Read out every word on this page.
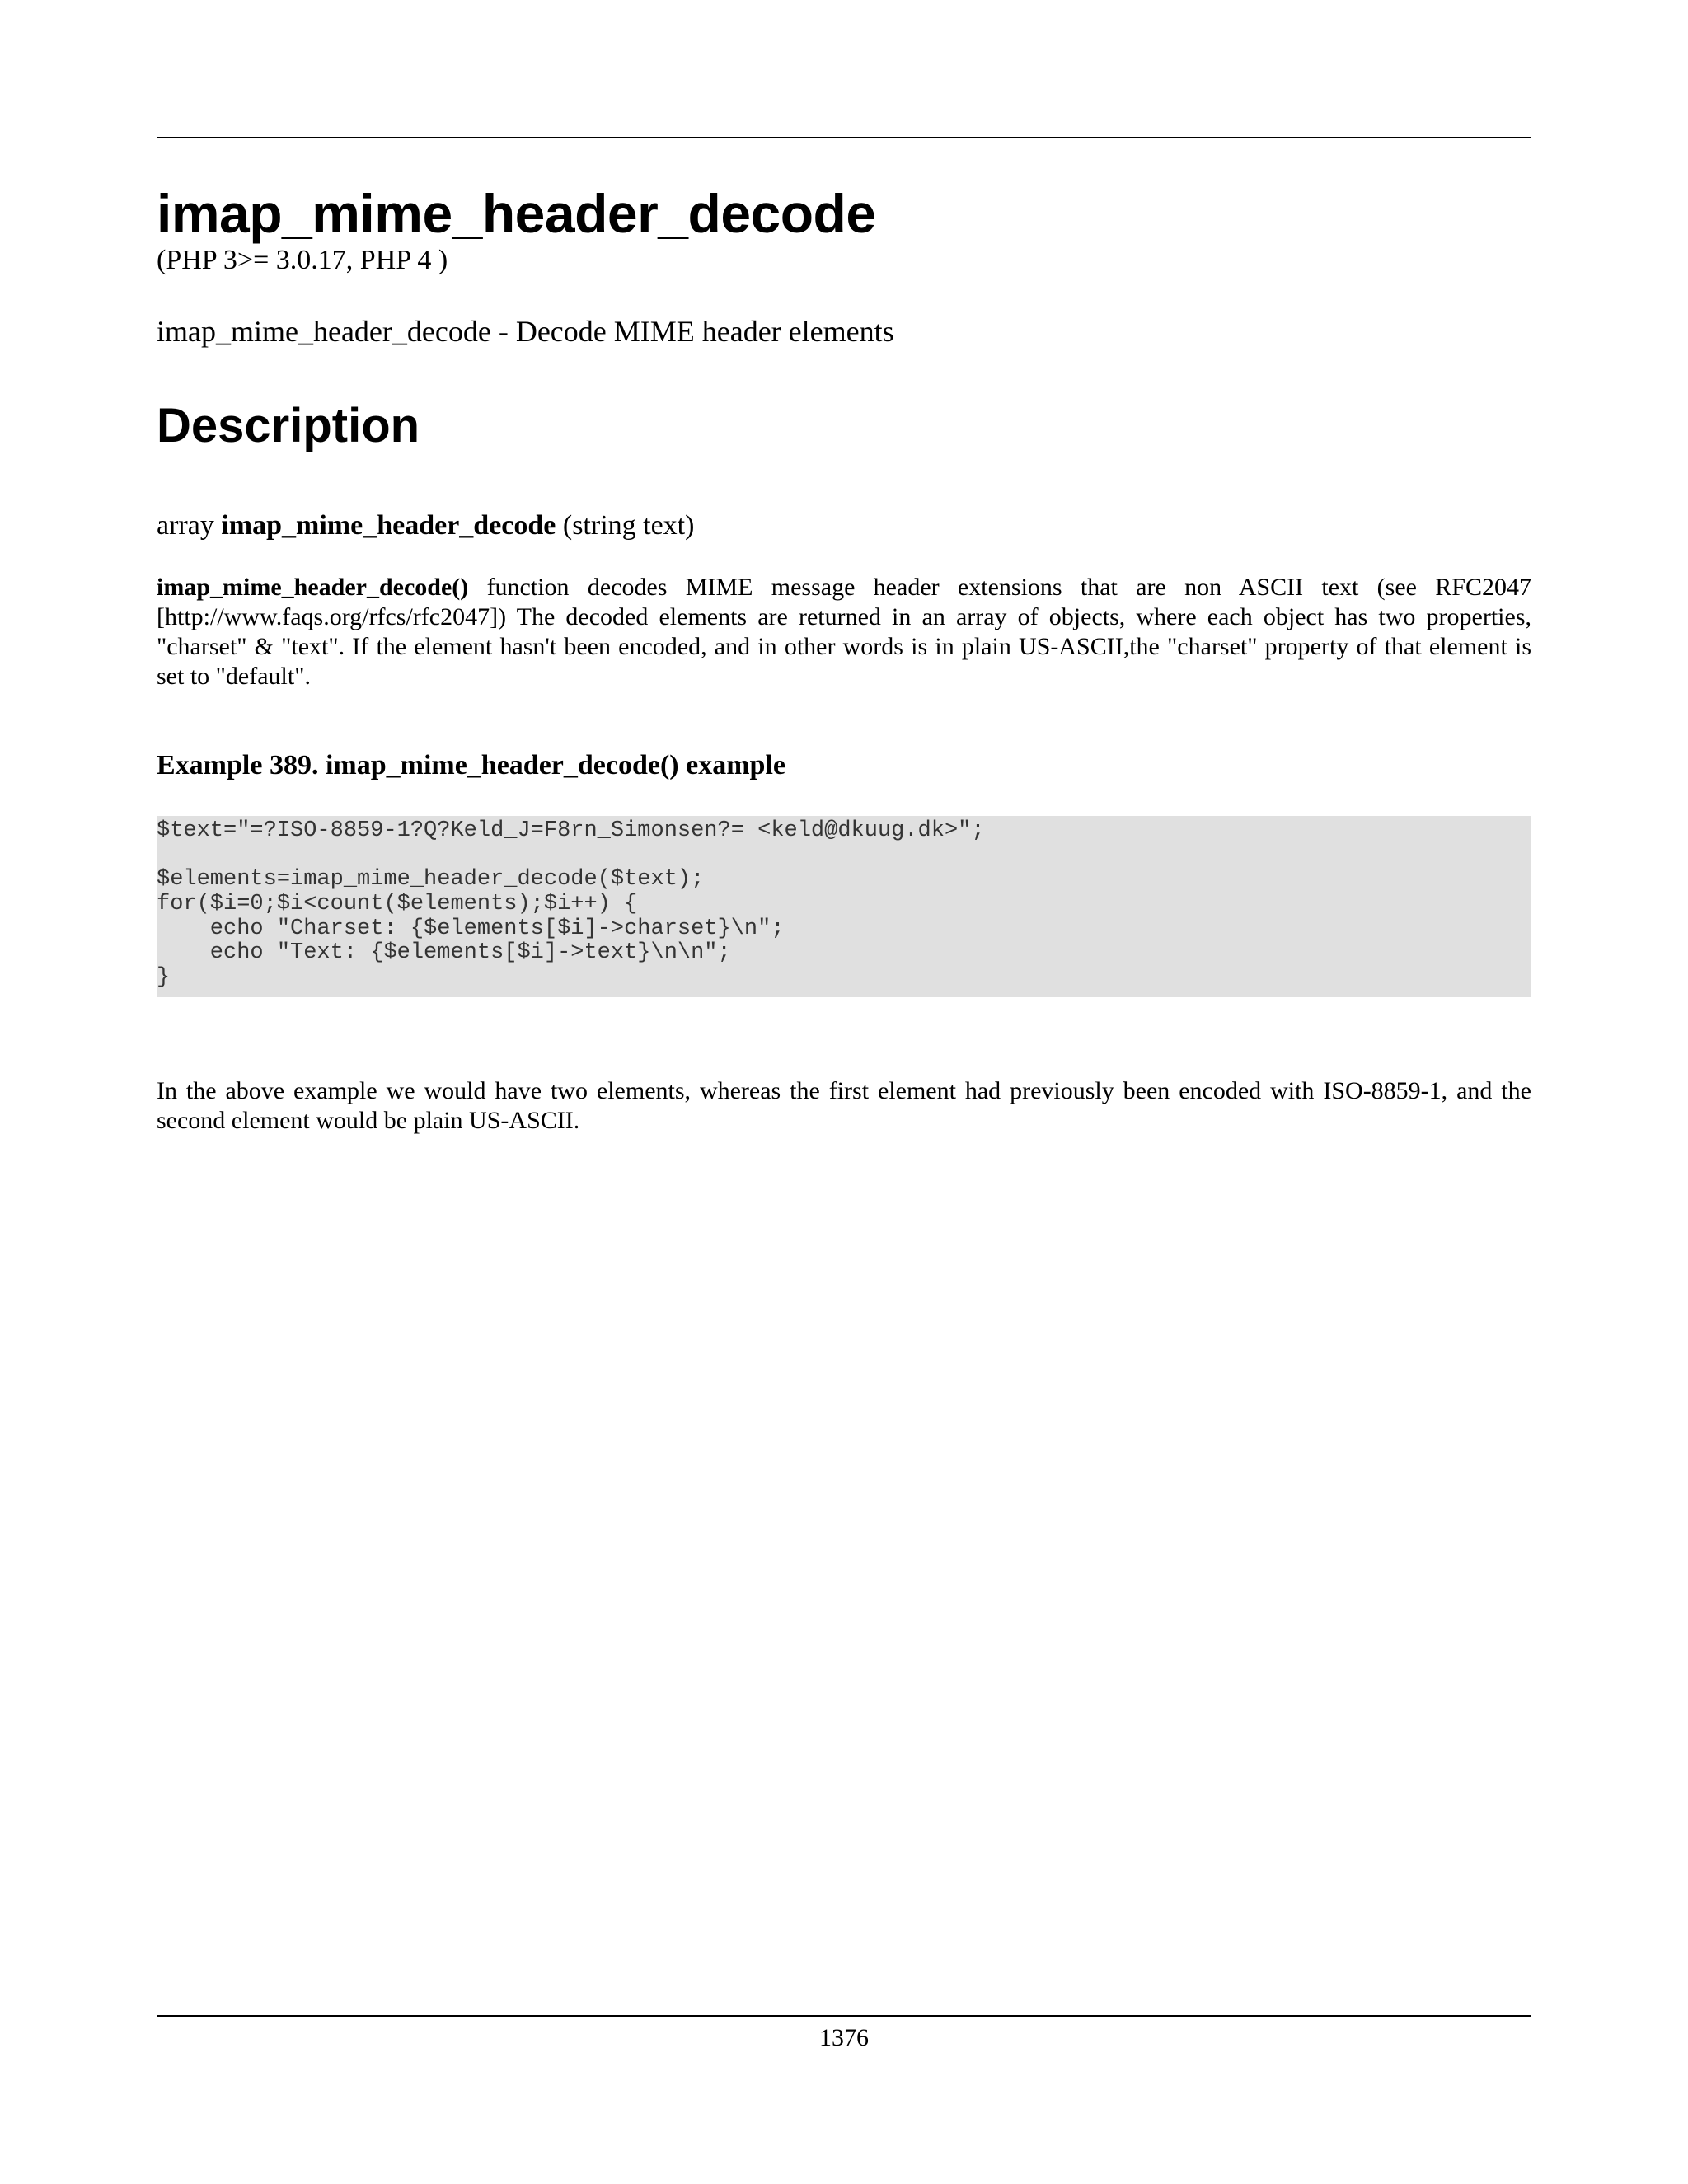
imap_mime_header_decode
(PHP 3>= 3.0.17, PHP 4 )
imap_mime_header_decode - Decode MIME header elements
Description
array imap_mime_header_decode (string text)

imap_mime_header_decode() function decodes MIME message header extensions that are non ASCII text (see RFC2047 [http://www.faqs.org/rfcs/rfc2047]) The decoded elements are returned in an array of objects, where each object has two properties, "charset" & "text". If the element hasn't been encoded, and in other words is in plain US-ASCII,the "charset" property of that element is set to "default".

Example 389. imap_mime_header_decode() example
$text="=?ISO-8859-1?Q?Keld_J=F8rn_Simonsen?= <keld@dkuug.dk>";

$elements=imap_mime_header_decode($text);
for($i=0;$i<count($elements);$i++) {
echo "Charset: {$elements[$i]->charset}\n";
echo "Text: {$elements[$i]->text}\n\n";
}

In the above example we would have two elements, whereas the first element had previously been encoded with ISO-8859-1, and the second element would be plain US-ASCII.

1376
